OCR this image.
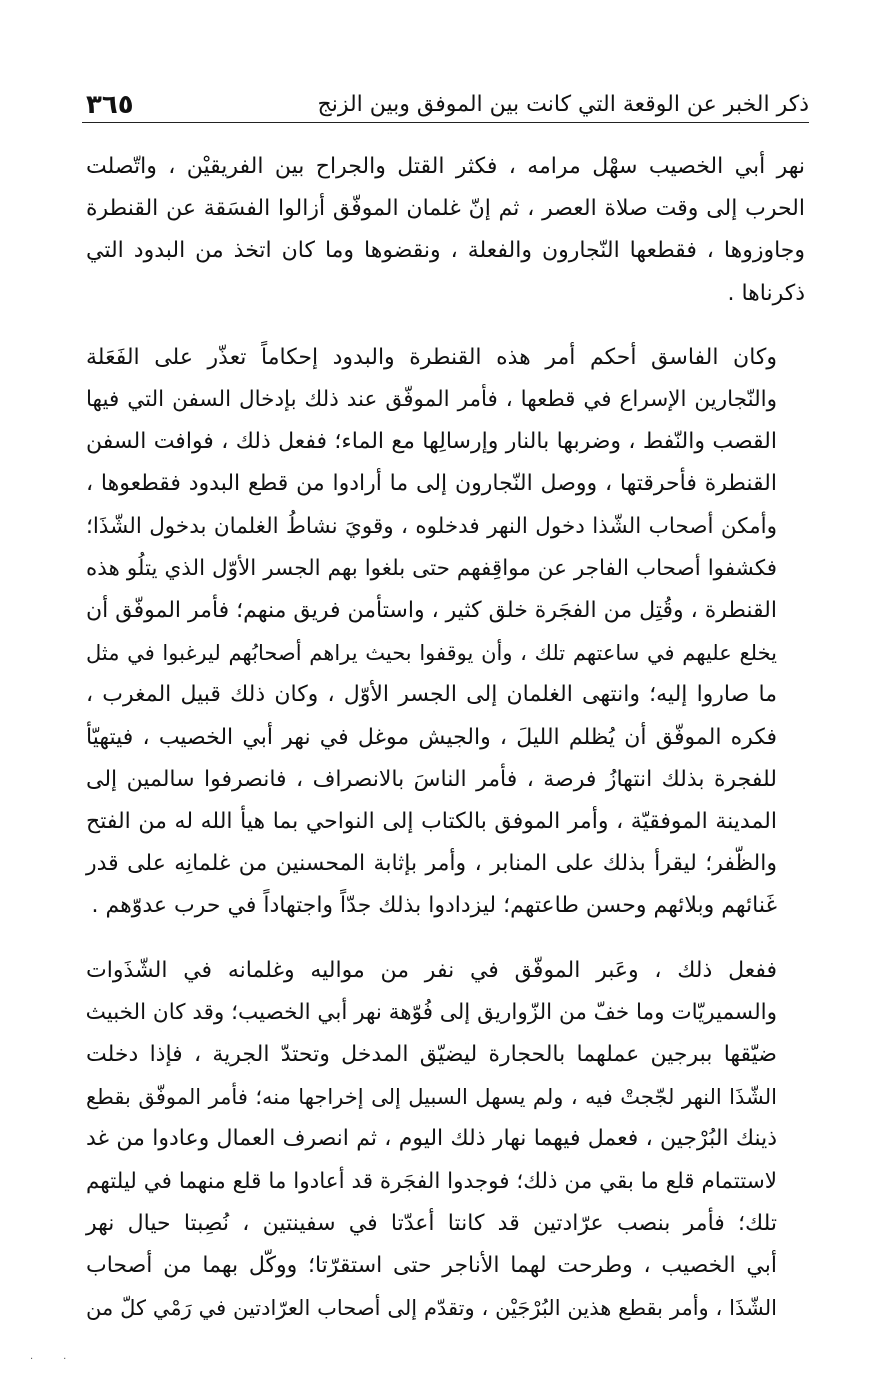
ذكر الخبر عن الوقعة التي كانت بين الموفق وبين الزنج
٣٦٥

نهر أبي الخصيب سهْل مرامه ، فكثر القتل والجراح بين الفريقيْن ، واتّصلت
الحرب إلى وقت صلاة العصر ، ثم إنّ غلمان الموفّق أزالوا الفسَقة عن القنطرة
وجاوزوها ، فقطعها النّجارون والفعلة ، ونقضوها وما كان اتخذ من البدود التي
ذكرناها .

وكان الفاسق أحكم أمر هذه القنطرة والبدود إحكاماً تعذّر على الفَعَلة
والنّجارين الإسراع في قطعها ، فأمر الموفّق عند ذلك بإدخال السفن التي فيها
القصب والنّفط ، وضربها بالنار وإرسالِها مع الماء؛ ففعل ذلك ، فوافت السفن
القنطرة فأحرقتها ، ووصل النّجارون إلى ما أرادوا من قطع البدود فقطعوها ،
وأمكن أصحاب الشّذا دخول النهر فدخلوه ، وقويَ نشاطُ الغلمان بدخول الشّذَا؛
فكشفوا أصحاب الفاجر عن مواقِفهم حتى بلغوا بهم الجسر الأوّل الذي يتلُو هذه
القنطرة ، وقُتِل من الفجَرة خلق كثير ، واستأمن فريق منهم؛ فأمر الموفّق أن
يخلع عليهم في ساعتهم تلك ، وأن يوقفوا بحيث يراهم أصحابُهم ليرغبوا في مثل
ما صاروا إليه؛ وانتهى الغلمان إلى الجسر الأوّل ، وكان ذلك قبيل المغرب ،
فكره الموفّق أن يُظلم الليلَ ، والجيش موغل في نهر أبي الخصيب ، فيتهيّأ
للفجرة بذلك انتهازُ فرصة ، فأمر الناسَ بالانصراف ، فانصرفوا سالمين إلى
المدينة الموفقيّة ، وأمر الموفق بالكتاب إلى النواحي بما هيأ الله له من الفتح
والظّفر؛ ليقرأ بذلك على المنابر ، وأمر بإثابة المحسنين من غلمانِه على قدر
غَنائهم وبلائهم وحسن طاعتهم؛ ليزدادوا بذلك جدّاً واجتهاداً في حرب عدوّهم .

ففعل ذلك ، وعَبر الموفّق في نفر من مواليه وغلمانه في الشّذَوات
والسميريّات وما خفّ من الزّواريق إلى فُوّهة نهر أبي الخصيب؛ وقد كان الخبيث
ضيّقها ببرجين عملهما بالحجارة ليضيّق المدخل وتحتدّ الجرية ، فإذا دخلت
الشّذَا النهر لجّجتْ فيه ، ولم يسهل السبيل إلى إخراجها منه؛ فأمر الموفّق بقطع
ذينك البُرْجين ، فعمل فيهما نهار ذلك اليوم ، ثم انصرف العمال وعادوا من غد
لاستتمام قلع ما بقي من ذلك؛ فوجدوا الفجَرة قد أعادوا ما قلع منهما في ليلتهم
تلك؛ فأمر بنصب عرّادتين قد كانتا أعدّتا في سفينتين ، نُصِبتا حيال نهر
أبي الخصيب ، وطرحت لهما الأناجر حتى استقرّتا؛ ووكّل بهما من أصحاب
الشّذَا ، وأمر بقطع هذين البُرْجَيْن ، وتقدّم إلى أصحاب العرّادتين في رَمْي كلّ من

·​·
